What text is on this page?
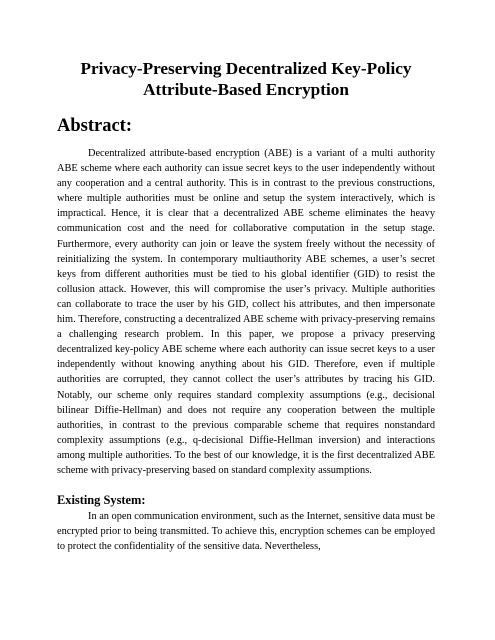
Privacy-Preserving Decentralized Key-Policy
Attribute-Based Encryption
Abstract:

Decentralized attribute-based encryption (ABE) is a variant of a multi authority ABE scheme where each authority can issue secret keys to the user independently without any cooperation and a central authority. This is in contrast to the previous constructions, where multiple authorities must be online and setup the system interactively, which is impractical. Hence, it is clear that a decentralized ABE scheme eliminates the heavy communication cost and the need for collaborative computation in the setup stage. Furthermore, every authority can join or leave the system freely without the necessity of reinitializing the system. In contemporary multiauthority ABE schemes, a user’s secret keys from different authorities must be tied to his global identifier (GID) to resist the collusion attack. However, this will compromise the user’s privacy. Multiple authorities can collaborate to trace the user by his GID, collect his attributes, and then impersonate him. Therefore, constructing a decentralized ABE scheme with privacy-preserving remains a challenging research problem. In this paper, we propose a privacy preserving decentralized key-policy ABE scheme where each authority can issue secret keys to a user independently without knowing anything about his GID. Therefore, even if multiple authorities are corrupted, they cannot collect the user’s attributes by tracing his GID. Notably, our scheme only requires standard complexity assumptions (e.g., decisional bilinear Diffie-Hellman) and does not require any cooperation between the multiple authorities, in contrast to the previous comparable scheme that requires nonstandard complexity assumptions (e.g., q-decisional Diffie-Hellman inversion) and interactions among multiple authorities. To the best of our knowledge, it is the first decentralized ABE scheme with privacy-preserving based on standard complexity assumptions.

Existing System:

In an open communication environment, such as the Internet, sensitive data must be encrypted prior to being transmitted. To achieve this, encryption schemes can be employed to protect the confidentiality of the sensitive data. Nevertheless,
